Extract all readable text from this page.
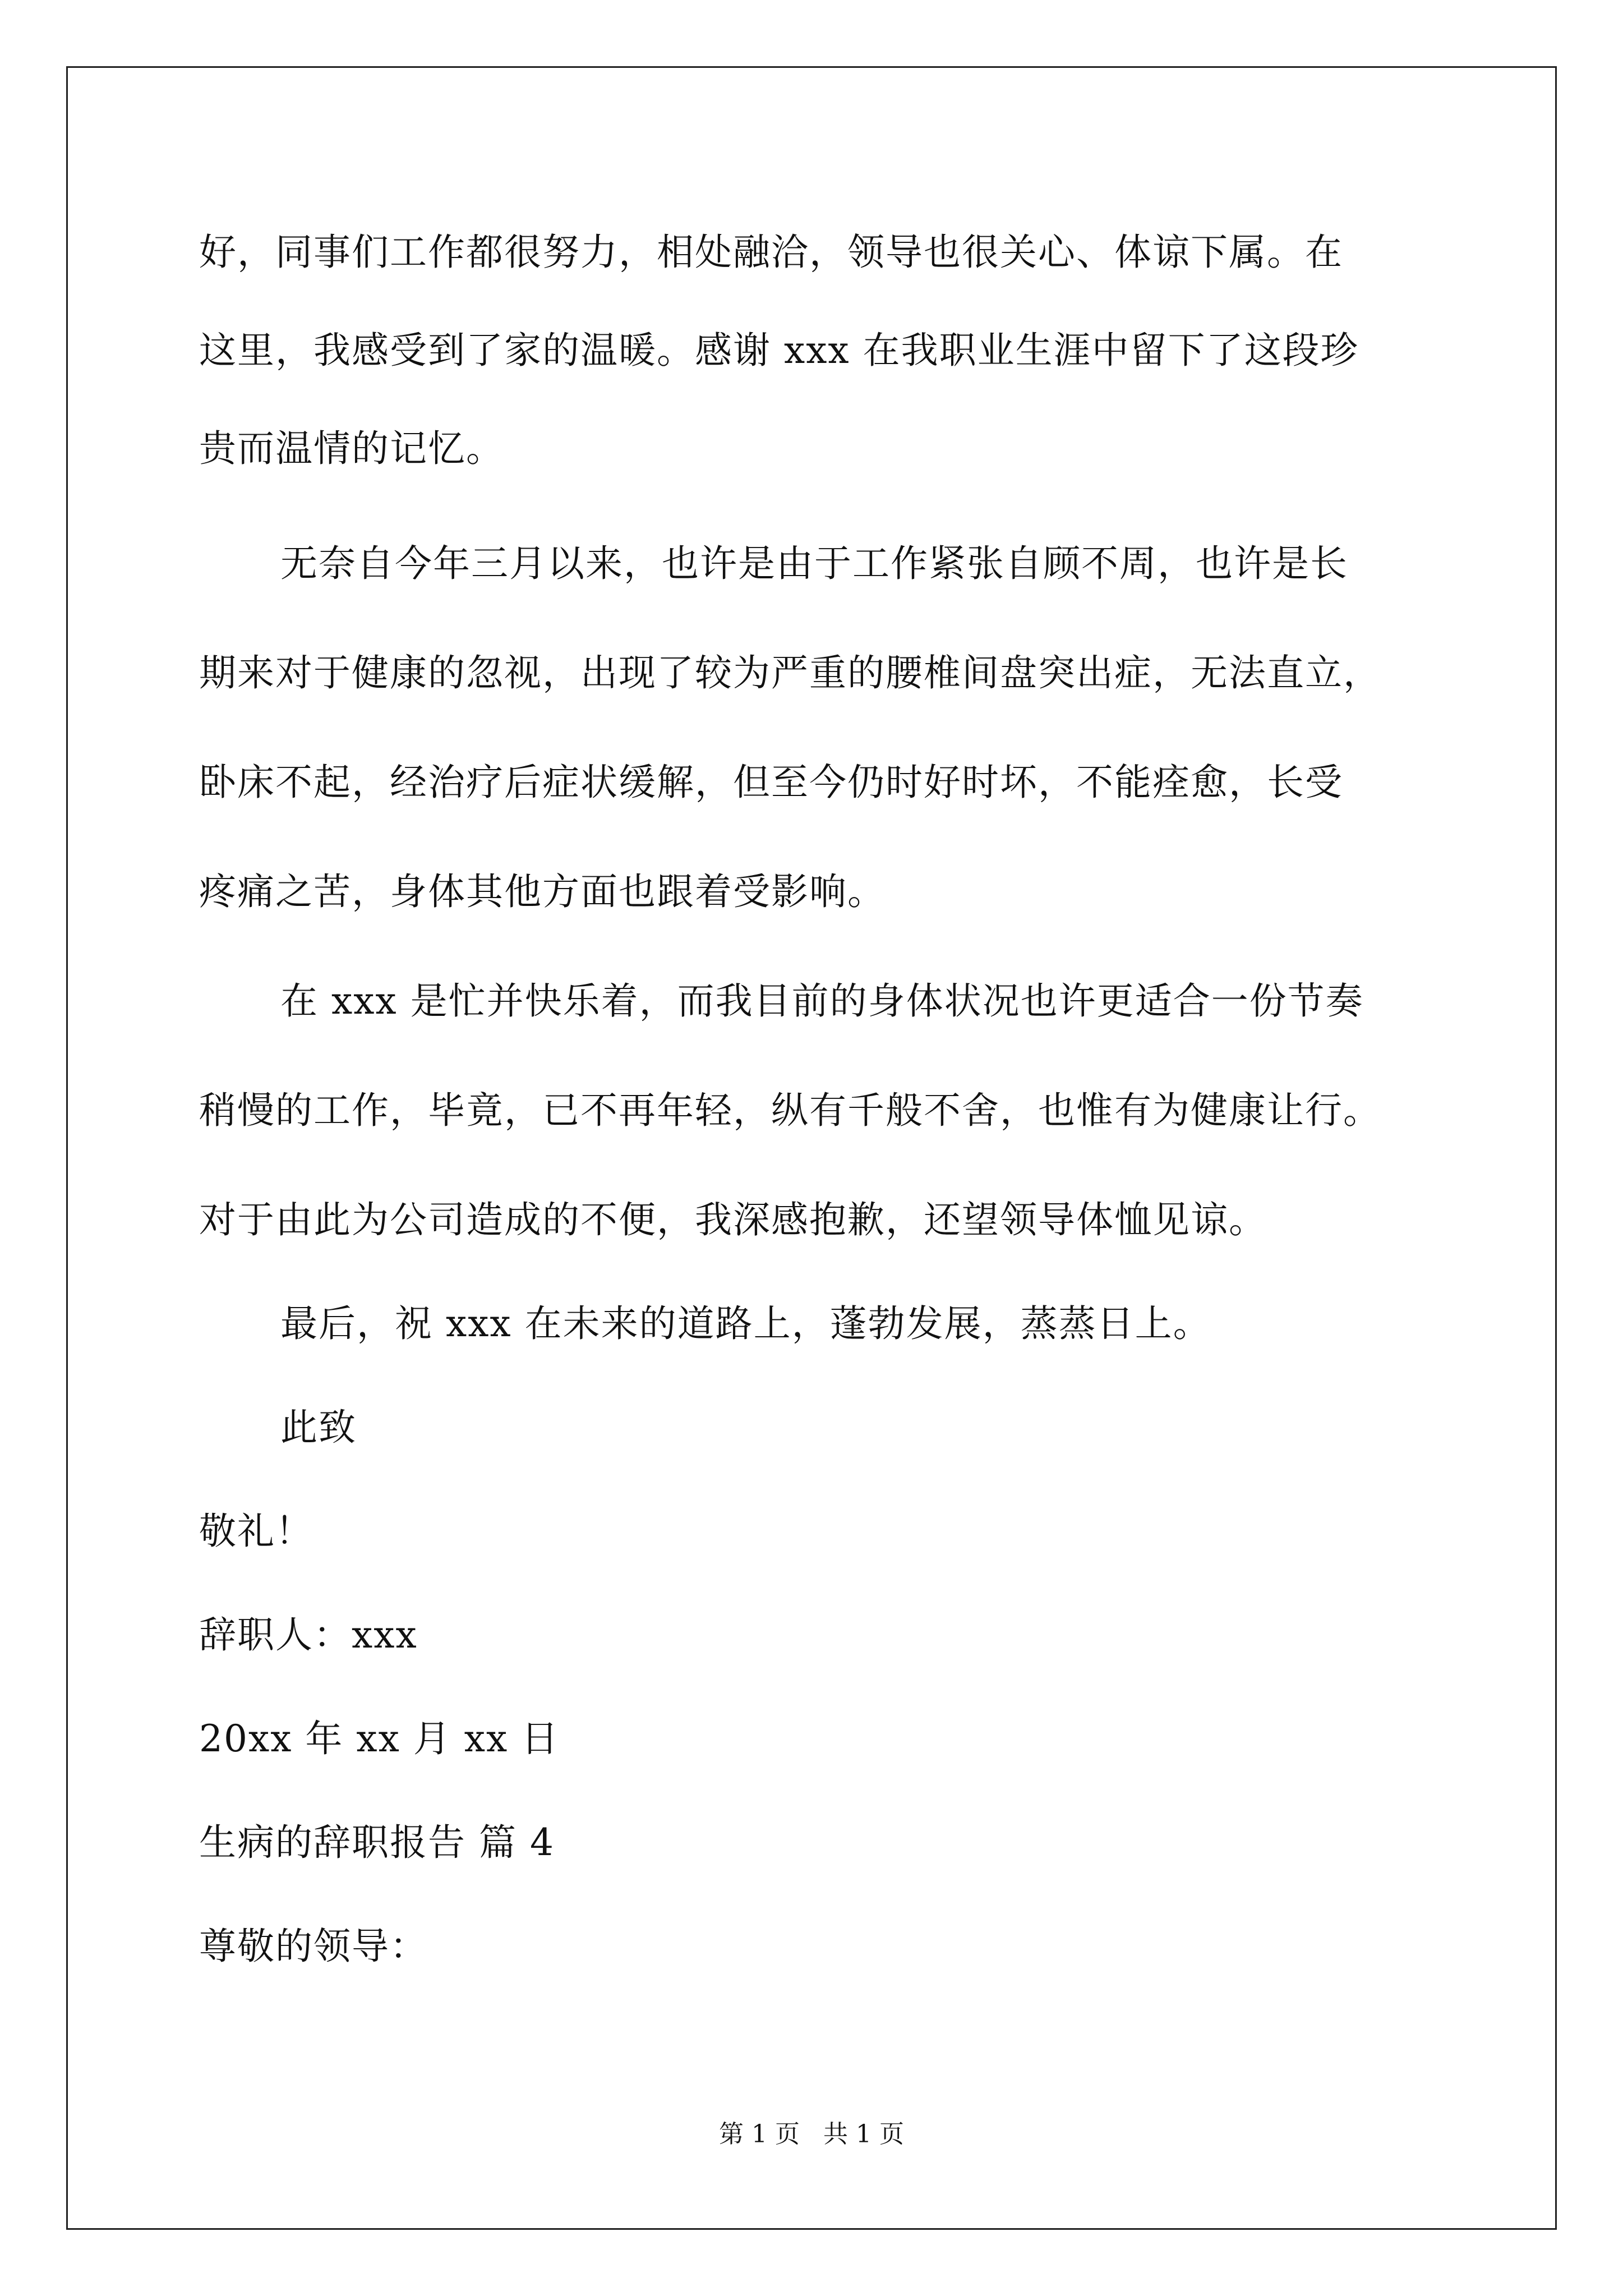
好，同事们工作都很努力，相处融洽，领导也很关心、体谅下属。在
这里，我感受到了家的温暖。感谢 xxx 在我职业生涯中留下了这段珍
贵而温情的记忆。
无奈自今年三月以来，也许是由于工作紧张自顾不周，也许是长
期来对于健康的忽视，出现了较为严重的腰椎间盘突出症，无法直立，
卧床不起，经治疗后症状缓解，但至今仍时好时坏，不能痊愈，长受
疼痛之苦，身体其他方面也跟着受影响。
在 xxx 是忙并快乐着，而我目前的身体状况也许更适合一份节奏
稍慢的工作，毕竟，已不再年轻，纵有千般不舍，也惟有为健康让行。
对于由此为公司造成的不便，我深感抱歉，还望领导体恤见谅。
最后，祝 xxx 在未来的道路上，蓬勃发展，蒸蒸日上。
此致
敬礼！
辞职人：xxx
20xx 年 xx 月 xx 日
生病的辞职报告 篇 4
尊敬的领导：
第 1 页   共 1 页
